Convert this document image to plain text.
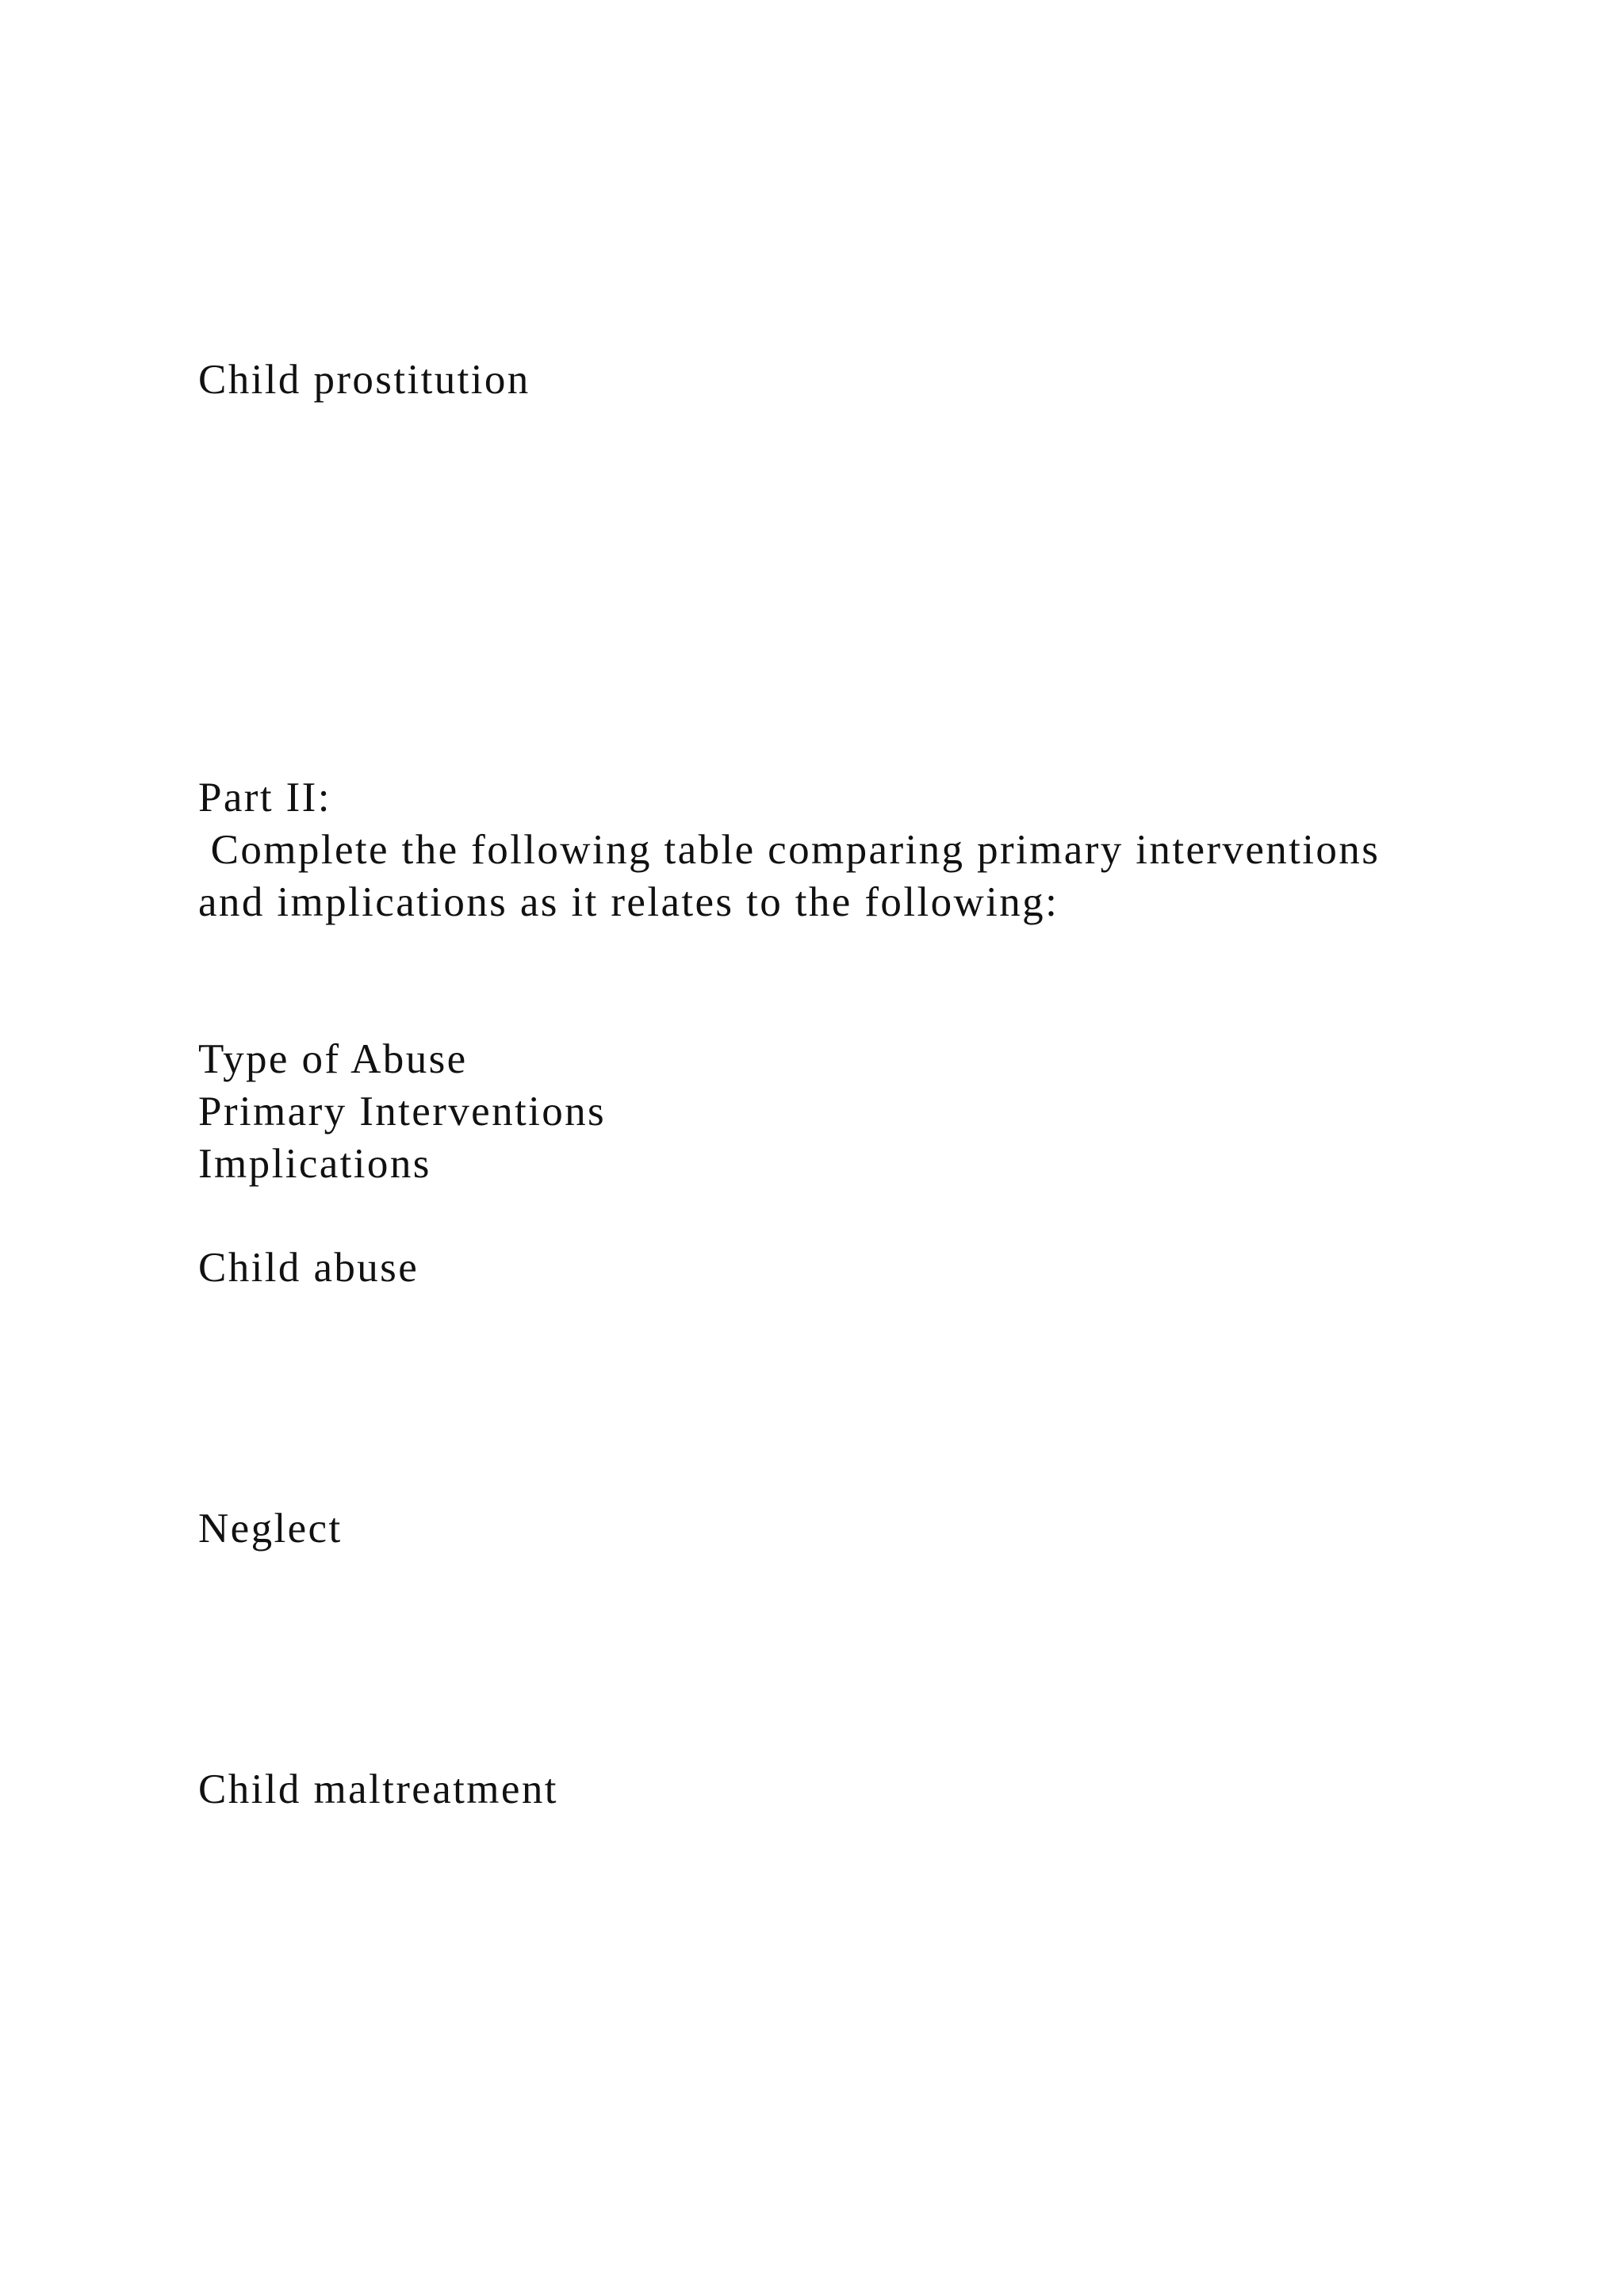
Child prostitution
Part II:
Complete the following table comparing primary interventions
and implications as it relates to the following:
Type of Abuse
Primary Interventions
Implications
Child abuse
Neglect
Child maltreatment
